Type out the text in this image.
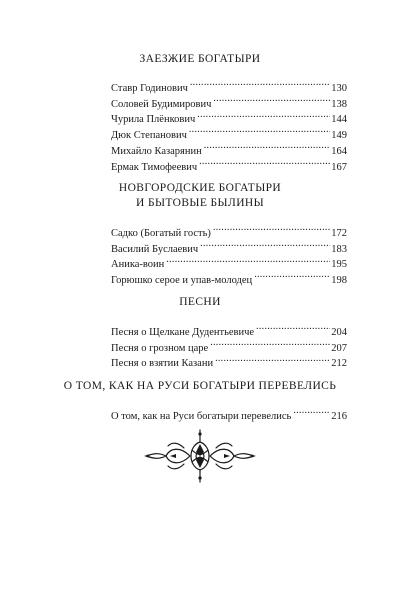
ЗАЕЗЖИЕ БОГАТЫРИ
Ставр Годинович . . .	130
Соловей Будимирович . . .	138
Чурила Плёнкович . . .	144
Дюк Степанович . . .	149
Михайло Казарянин . . .	164
Ермак Тимофеевич . . .	167
НОВГОРОДСКИЕ БОГАТЫРИ
И БЫТОВЫЕ БЫЛИНЫ
Садко (Богатый гость) . . .	172
Василий Буслаевич . . .	183
Аника-воин . . .	195
Горюшко серое и упав-молодец . . .	198
ПЕСНИ
Песня о Щелкане Дудентьевиче . . .	204
Песня о грозном царе . . .	207
Песня о взятии Казани . . .	212
О ТОМ, КАК НА РУСИ БОГАТЫРИ ПЕРЕВЕЛИСЬ
О том, как на Руси богатыри перевелись . . .	216
